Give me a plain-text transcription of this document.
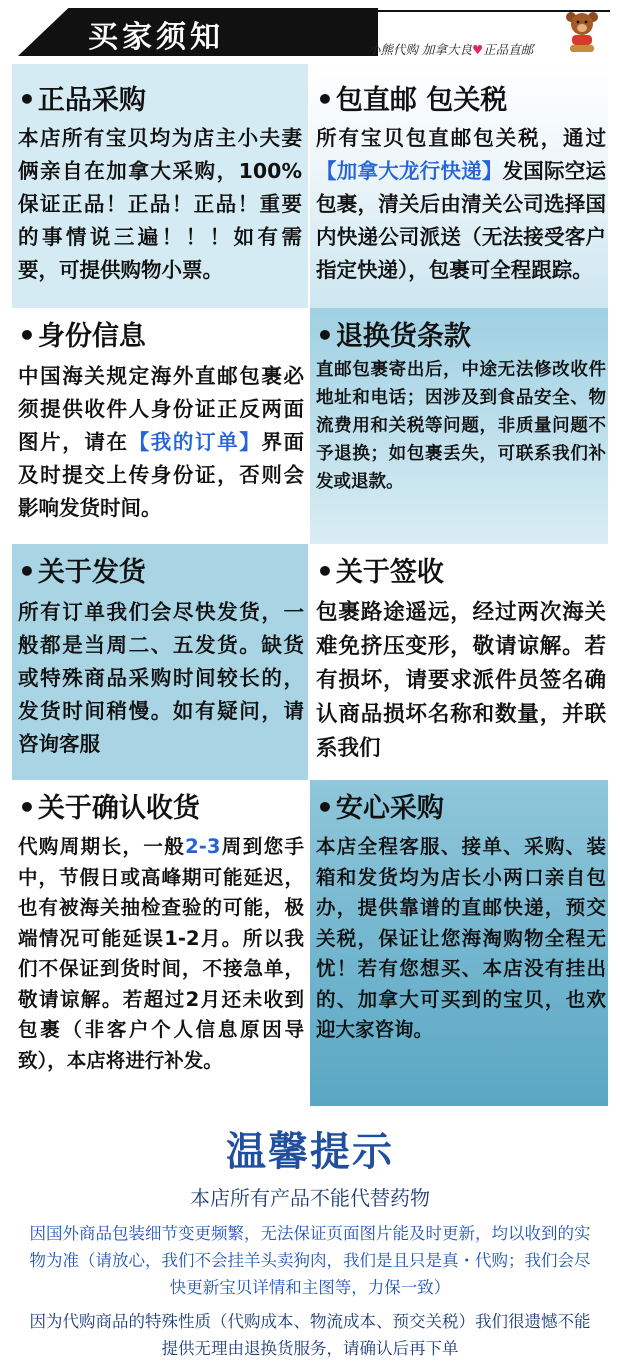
买家须知	小熊代购 加拿大良♥正品直邮
•正品采购
本店所有宝贝均为店主小夫妻俩亲自在加拿大采购，100%保证正品！正品！正品！重要的事情说三遍！！！如有需要，可提供购物小票。
•包直邮 包关税
所有宝贝包直邮包关税，通过【加拿大龙行快递】发国际空运包裹，清关后由清关公司选择国内快递公司派送（无法接受客户指定快递），包裹可全程跟踪。
•身份信息
中国海关规定海外直邮包裹必须提供收件人身份证正反两面图片，请在【我的订单】界面及时提交上传身份证，否则会影响发货时间。
•退换货条款
直邮包裹寄出后，中途无法修改收件地址和电话；因涉及到食品安全、物流费用和关税等问题，非质量问题不予退换；如包裹丢失，可联系我们补发或退款。
•关于发货
所有订单我们会尽快发货，一般都是当周二、五发货。缺货或特殊商品采购时间较长的，发货时间稍慢。如有疑问，请咨询客服
•关于签收
包裹路途遥远，经过两次海关难免挤压变形，敬请谅解。若有损坏，请要求派件员签名确认商品损坏名称和数量，并联系我们
•关于确认收货
代购周期长，一般2-3周到您手中，节假日或高峰期可能延迟，也有被海关抽检查验的可能，极端情况可能延误1-2月。所以我们不保证到货时间，不接急单，敬请谅解。若超过2月还未收到包裹（非客户个人信息原因导致），本店将进行补发。
•安心采购
本店全程客服、接单、采购、装箱和发货均为店长小两口亲自包办，提供靠谱的直邮快递，预交关税，保证让您海淘购物全程无忧！若有您想买、本店没有挂出的、加拿大可买到的宝贝，也欢迎大家咨询。
温馨提示
本店所有产品不能代替药物
因国外商品包装细节变更频繁，无法保证页面图片能及时更新，均以收到的实物为准（请放心，我们不会挂羊头卖狗肉，我们是且只是真・代购；我们会尽快更新宝贝详情和主图等，力保一致）
因为代购商品的特殊性质（代购成本、物流成本、预交关税）我们很遗憾不能提供无理由退换货服务，请确认后再下单
